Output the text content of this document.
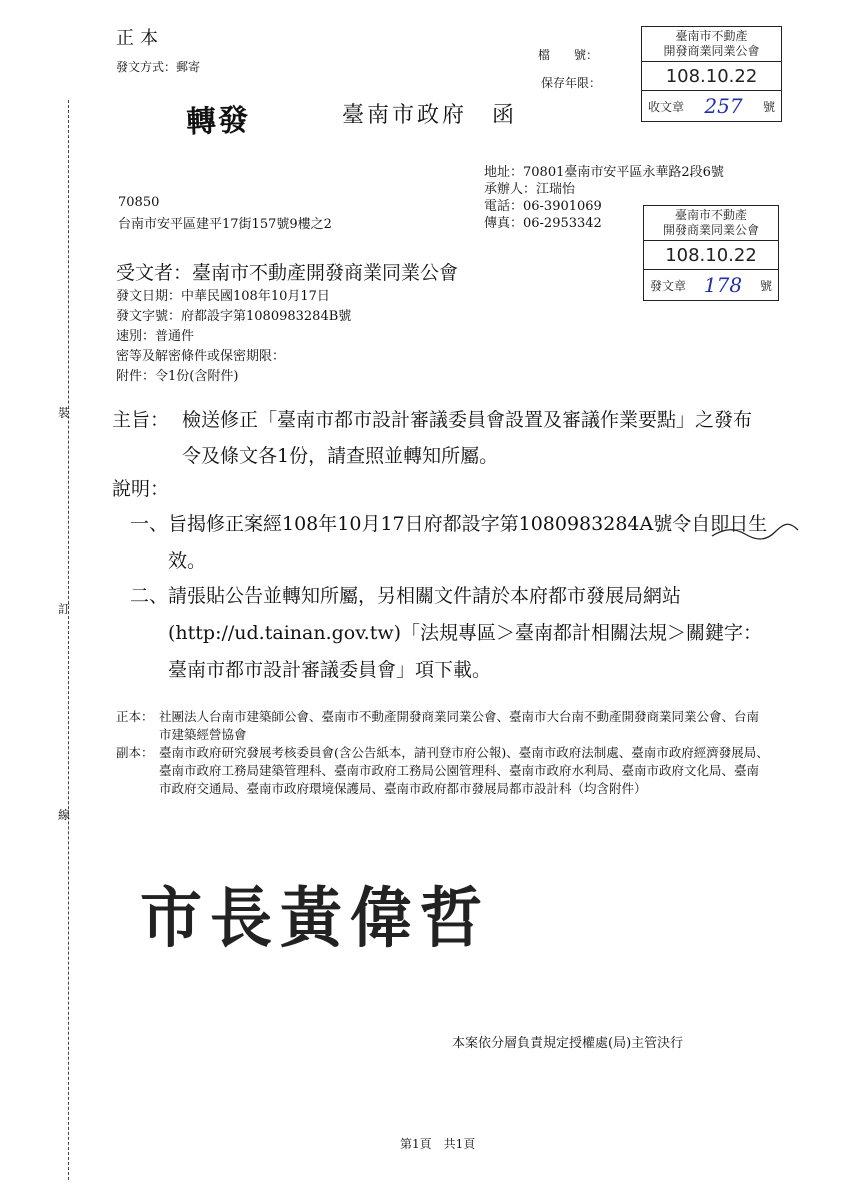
裝
訂
線
正本
發文方式：郵寄
轉發	臺南市政府　函
檔　　號：
保存年限：
臺南市不動產
開發商業同業公會
108.10.22
收文章 257 號
地址：70801臺南市安平區永華路2段6號
承辦人：江瑞怡
電話：06-3901069
傳真：06-2953342
臺南市不動產
開發商業同業公會
108.10.22
發文章 178 號
70850
台南市安平區建平17街157號9樓之2
受文者：臺南市不動產開發商業同業公會
發文日期：中華民國108年10月17日
發文字號：府都設字第1080983284B號
速別：普通件
密等及解密條件或保密期限：
附件：令1份(含附件)
主旨： 檢送修正「臺南市都市設計審議委員會設置及審議作業要點」之發布令及條文各1份，請查照並轉知所屬。
說明：
一、 旨揭修正案經108年10月17日府都設字第1080983284A號令自即日生效。
二、 請張貼公告並轉知所屬，另相關文件請於本府都市發展局網站(http://ud.tainan.gov.tw)「法規專區＞臺南都計相關法規＞關鍵字：臺南市都市設計審議委員會」項下載。
正本： 社團法人台南市建築師公會、臺南市不動產開發商業同業公會、臺南市大台南不動產開發商業同業公會、台南市建築經營協會
副本： 臺南市政府研究發展考核委員會(含公告紙本，請刊登市府公報)、臺南市政府法制處、臺南市政府經濟發展局、臺南市政府工務局建築管理科、臺南市政府工務局公園管理科、臺南市政府水利局、臺南市政府文化局、臺南市政府交通局、臺南市政府環境保護局、臺南市政府都市發展局都市設計科（均含附件）
市長黃偉哲
本案依分層負責規定授權處(局)主管決行
第1頁　共1頁
